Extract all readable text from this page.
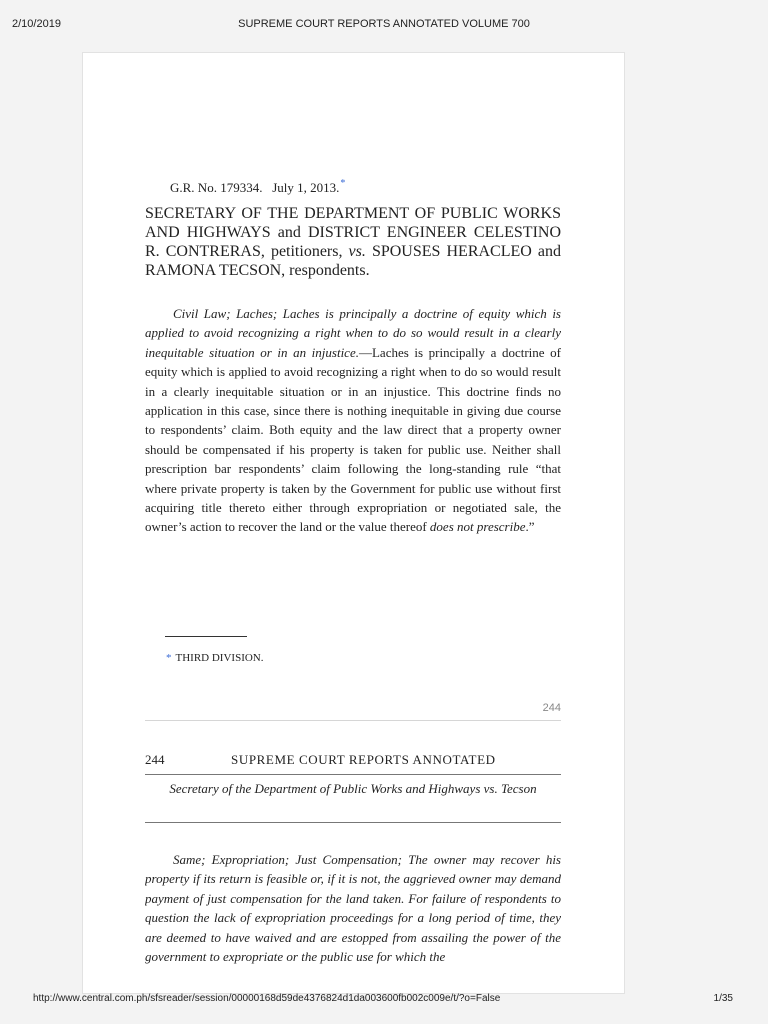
2/10/2019	SUPREME COURT REPORTS ANNOTATED VOLUME 700
G.R. No. 179334. July 1, 2013.*
SECRETARY OF THE DEPARTMENT OF PUBLIC WORKS AND HIGHWAYS and DISTRICT ENGINEER CELESTINO R. CONTRERAS, petitioners, vs. SPOUSES HERACLEO and RAMONA TECSON, respondents.
Civil Law; Laches; Laches is principally a doctrine of equity which is applied to avoid recognizing a right when to do so would result in a clearly inequitable situation or in an injustice.—Laches is principally a doctrine of equity which is applied to avoid recognizing a right when to do so would result in a clearly inequitable situation or in an injustice. This doctrine finds no application in this case, since there is nothing inequitable in giving due course to respondents’ claim. Both equity and the law direct that a property owner should be compensated if his property is taken for public use. Neither shall prescription bar respondents’ claim following the long-standing rule “that where private property is taken by the Government for public use without first acquiring title thereto either through expropriation or negotiated sale, the owner’s action to recover the land or the value thereof does not prescribe.”
* THIRD DIVISION.
244
244	SUPREME COURT REPORTS ANNOTATED
Secretary of the Department of Public Works and Highways vs. Tecson
Same; Expropriation; Just Compensation; The owner may recover his property if its return is feasible or, if it is not, the aggrieved owner may demand payment of just compensation for the land taken. For failure of respondents to question the lack of expropriation proceedings for a long period of time, they are deemed to have waived and are estopped from assailing the power of the government to expropriate or the public use for which the
http://www.central.com.ph/sfsreader/session/00000168d59de4376824d1da003600fb002c009e/t/?o=False	1/35
